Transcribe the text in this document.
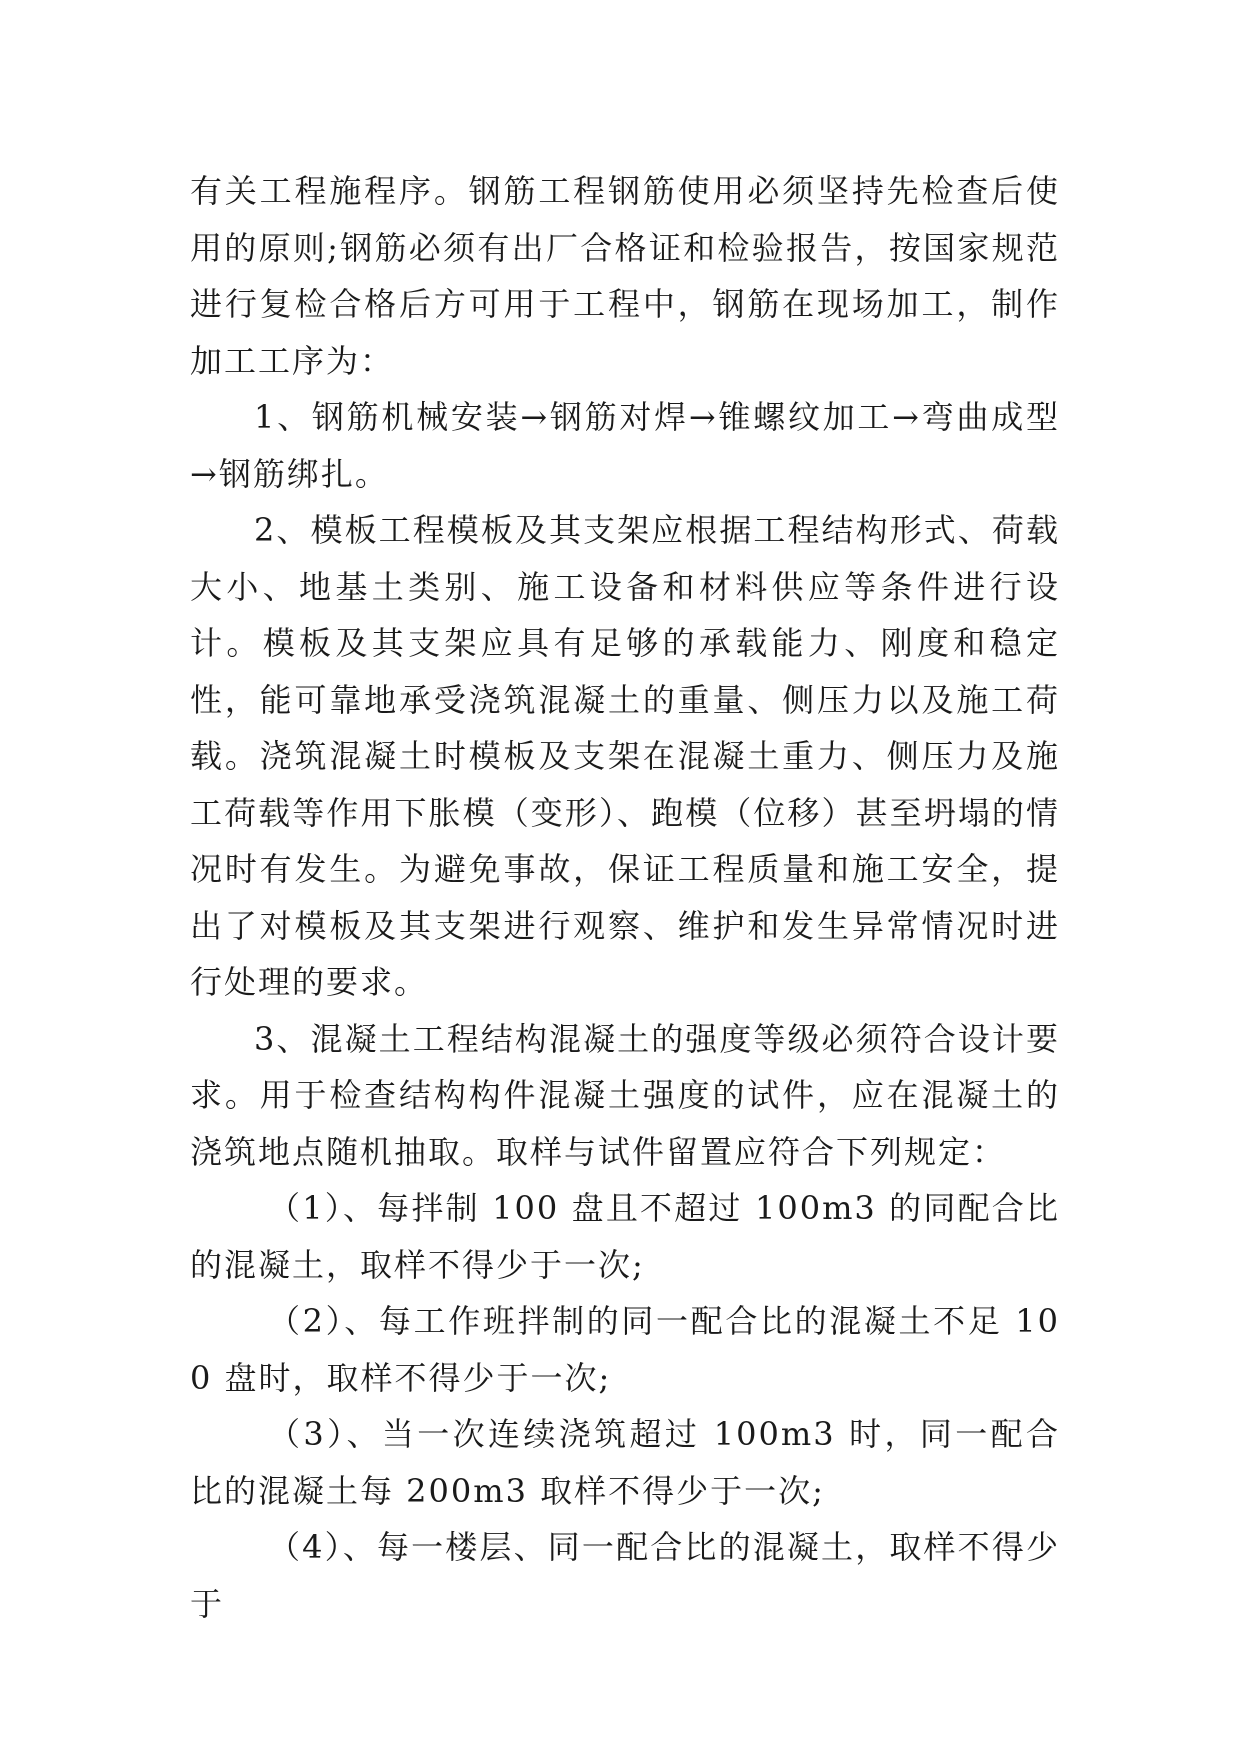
有关工程施程序。钢筋工程钢筋使用必须坚持先检查后使用的原则;钢筋必须有出厂合格证和检验报告，按国家规范进行复检合格后方可用于工程中，钢筋在现场加工，制作加工工序为：

1、钢筋机械安装→钢筋对焊→锥螺纹加工→弯曲成型→钢筋绑扎。

2、模板工程模板及其支架应根据工程结构形式、荷载大小、地基土类别、施工设备和材料供应等条件进行设计。模板及其支架应具有足够的承载能力、刚度和稳定性，能可靠地承受浇筑混凝土的重量、侧压力以及施工荷载。浇筑混凝土时模板及支架在混凝土重力、侧压力及施工荷载等作用下胀模（变形）、跑模（位移）甚至坍塌的情况时有发生。为避免事故，保证工程质量和施工安全，提出了对模板及其支架进行观察、维护和发生异常情况时进行处理的要求。

3、混凝土工程结构混凝土的强度等级必须符合设计要求。用于检查结构构件混凝土强度的试件，应在混凝土的浇筑地点随机抽取。取样与试件留置应符合下列规定：

（1）、每拌制 100 盘且不超过 100m3 的同配合比的混凝土，取样不得少于一次;

（2）、每工作班拌制的同一配合比的混凝土不足 100 盘时，取样不得少于一次;

（3）、当一次连续浇筑超过 100m3 时，同一配合比的混凝土每 200m3 取样不得少于一次;

（4）、每一楼层、同一配合比的混凝土，取样不得少于
